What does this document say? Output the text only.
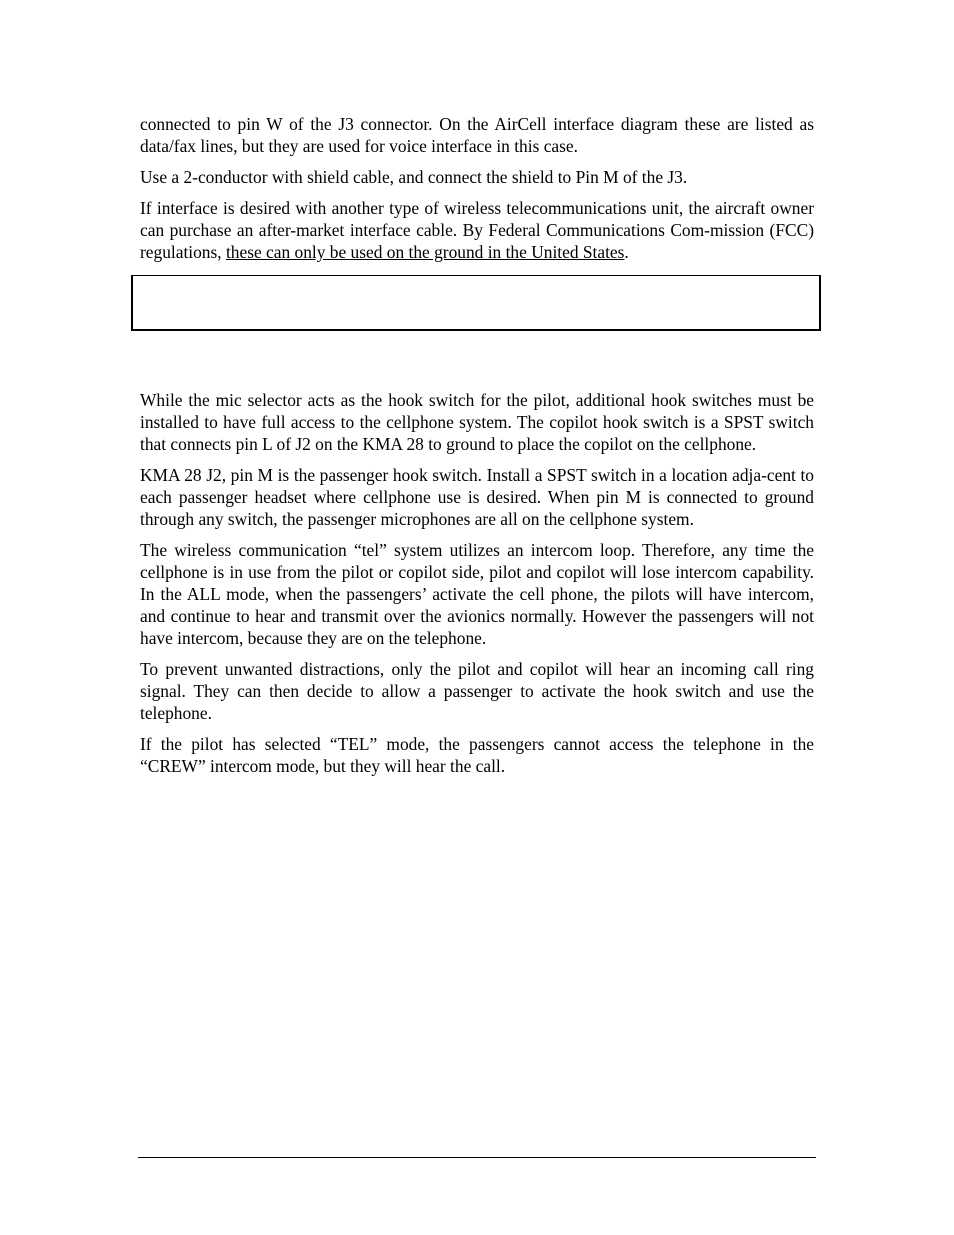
connected to pin W of the J3 connector. On the AirCell interface diagram these are listed as data/fax lines, but they are used for voice interface in this case.

Use a 2-conductor with shield cable, and connect the shield to Pin M of the J3.

If interface is desired with another type of wireless telecommunications unit, the aircraft owner can purchase an after-market interface cable. By Federal Communications Com-mission (FCC) regulations, these can only be used on the ground in the United States.

While the mic selector acts as the hook switch for the pilot, additional hook switches must be installed to have full access to the cellphone system. The copilot hook switch is a SPST switch that connects pin L of J2 on the KMA 28 to ground to place the copilot on the cellphone.

KMA 28 J2, pin M is the passenger hook switch. Install a SPST switch in a location adja-cent to each passenger headset where cellphone use is desired. When pin M is connected to ground through any switch, the passenger microphones are all on the cellphone system.

The wireless communication “tel” system utilizes an intercom loop. Therefore, any time the cellphone is in use from the pilot or copilot side, pilot and copilot will lose intercom capability. In the ALL mode, when the passengers’ activate the cell phone, the pilots will have intercom, and continue to hear and transmit over the avionics normally. However the passengers will not have intercom, because they are on the telephone.

To prevent unwanted distractions, only the pilot and copilot will hear an incoming call ring signal. They can then decide to allow a passenger to activate the hook switch and use the telephone.

If the pilot has selected “TEL” mode, the passengers cannot access the telephone in the “CREW” intercom mode, but they will hear the call.
